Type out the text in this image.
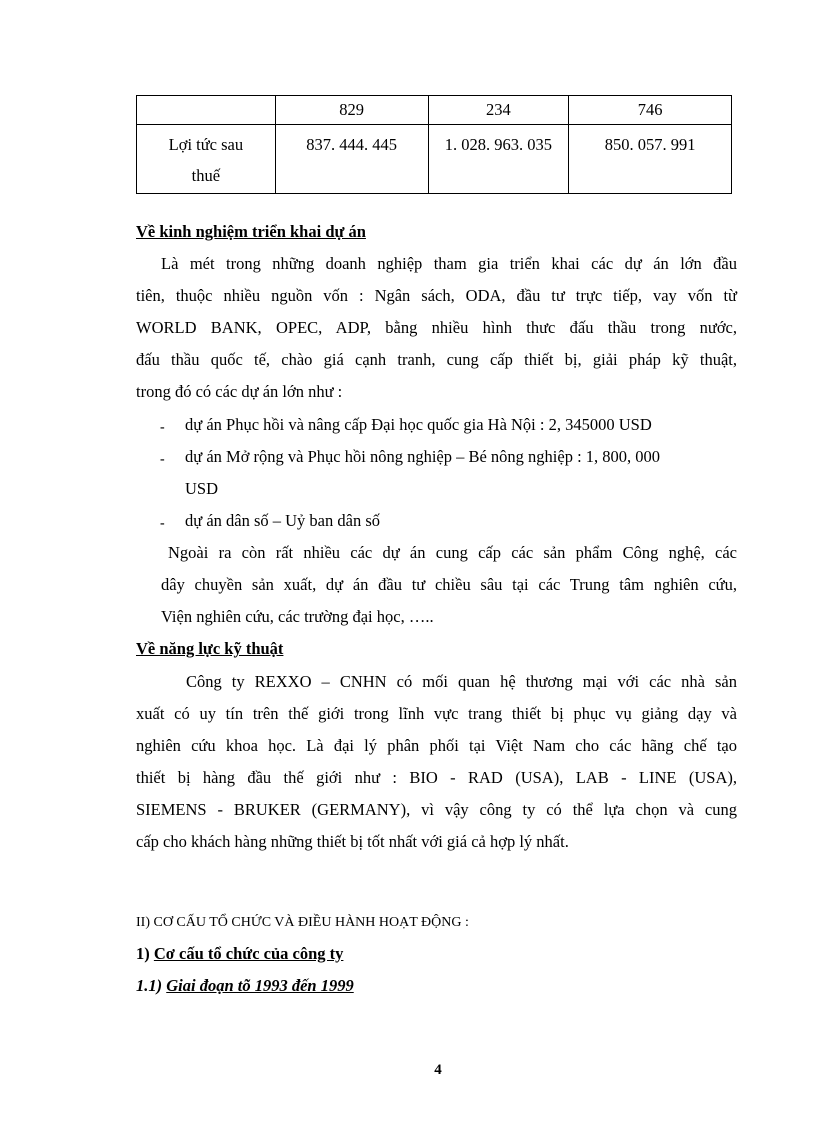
	829	234	746

Lợi tức sau
thuế	837. 444. 445	1. 028. 963. 035	850. 057. 991
Về kinh nghiệm triển khai dự án
Là mét trong những doanh nghiệp tham gia triển khai các dự án lớn đầu
tiên, thuộc nhiều nguồn vốn : Ngân sách, ODA, đầu tư trực tiếp, vay vốn từ
WORLD BANK, OPEC, ADP, bằng nhiều hình thưc đấu thầu trong nước,
đấu thầu quốc tế, chào giá cạnh tranh, cung cấp thiết bị, giải pháp kỹ thuật,
trong đó có các dự án lớn như :
- dự án Phục hồi và nâng cấp Đại học quốc gia Hà Nội : 2, 345000 USD
- dự án Mở rộng và Phục hồi nông nghiệp – Bé nông nghiệp : 1, 800, 000
USD
- dự án dân số – Uỷ ban dân số
Ngoài ra còn rất nhiều các dự án cung cấp các sản phẩm Công nghệ, các
dây chuyền sản xuất, dự án đầu tư chiều sâu tại các Trung tâm nghiên cứu,
Viện nghiên cứu, các trường đại học, …..
Về năng lực kỹ thuật
Công ty REXXO – CNHN có mối quan hệ thương mại với các nhà sản
xuất có uy tín trên thế giới trong lĩnh vực trang thiết bị phục vụ giảng dạy và
nghiên cứu khoa học. Là đại lý phân phối tại Việt Nam cho các hãng chế tạo
thiết bị hàng đầu thế giới như : BIO - RAD (USA), LAB - LINE (USA),
SIEMENS - BRUKER (GERMANY), vì vậy công ty có thể lựa chọn và cung
cấp cho khách hàng những thiết bị tốt nhất với giá cả hợp lý nhất.
II) CƠ CẤU TỔ CHỨC VÀ ĐIỀU HÀNH HOẠT ĐỘNG :
1) Cơ cấu tổ chức của công ty
1.1) Giai đoạn tõ 1993 đến 1999
4
